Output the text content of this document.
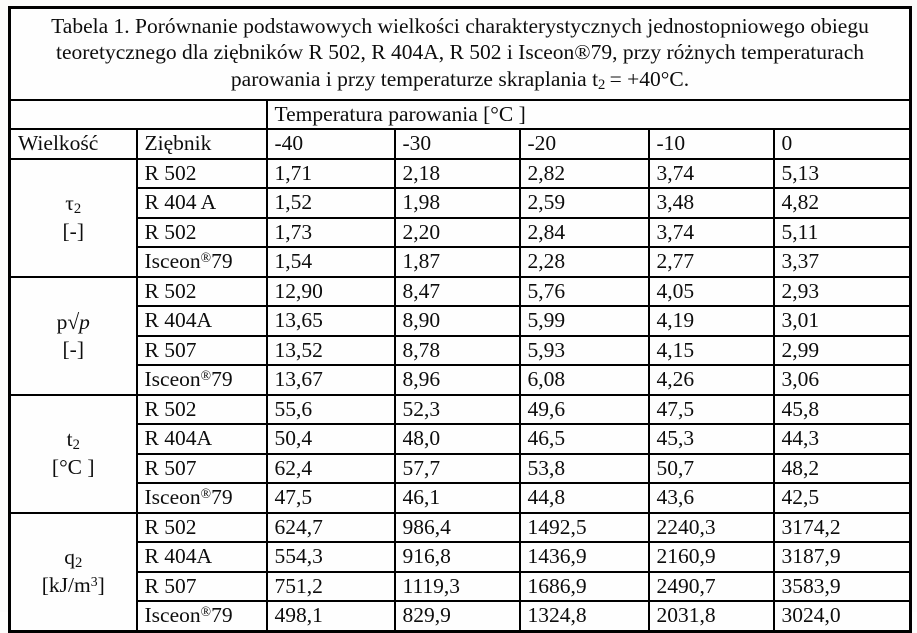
Tabela 1. Porównanie podstawowych wielkości charakterystycznych jednostopniowego obiegu
teoretycznego dla ziębników R 502, R 404A, R 502 i Isceon®79, przy różnych temperaturach
parowania i przy temperaturze skraplania $t_2 = +40^\circ C$.						
		Temperatura parowania [°C ]				
Wielkość	Ziębnik	-40	-30	-20	-10	0
$\tau_2$
[-]	R 502	1,71	2,18	2,82	3,74	5,13
	R 404 A	1,52	1,98	2,59	3,48	4,82
	R 502	1,73	2,20	2,84	3,74	5,11
	Isceon®79	1,54	1,87	2,28	2,77	3,37
p√p
[-]	R 502	12,90	8,47	5,76	4,05	2,93
	R 404A	13,65	8,90	5,99	4,19	3,01
	R 507	13,52	8,78	5,93	4,15	2,99
	Isceon®79	13,67	8,96	6,08	4,26	3,06
$t_2$
[°C ]	R 502	55,6	52,3	49,6	47,5	45,8
	R 404A	50,4	48,0	46,5	45,3	44,3
	R 507	62,4	57,7	53,8	50,7	48,2
	Isceon®79	47,5	46,1	44,8	43,6	42,5
$q_2$
$[kJ/m^3]$	R 502	624,7	986,4	1492,5	2240,3	3174,2
	R 404A	554,3	916,8	1436,9	2160,9	3187,9
	R 507	751,2	1119,3	1686,9	2490,7	3583,9
	Isceon®79	498,1	829,9	1324,8	2031,8	3024,0
